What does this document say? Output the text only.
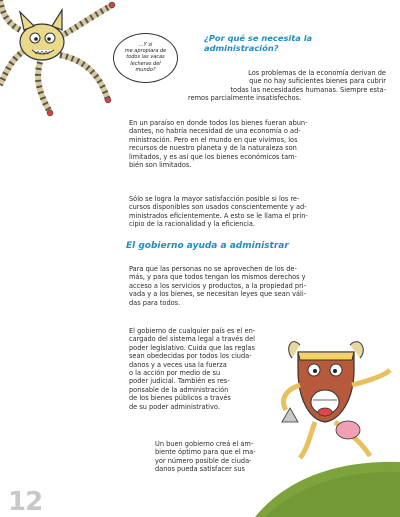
...Y si
me apropiara de
todos las vacas
lecheras del
mundo?
¿Por qué se necesita la
administración?

Los problemas de la economía derivan de
que no hay suficientes bienes para cubrir
todas las necesidades humanas. Siempre esta-
remos parcialmente insatisfechos.

En un paraíso en donde todos los bienes fueran abun-
dantes, no habría necesidad de una economía o ad-
ministración. Pero en el mundo en que vivimos, los
recursos de nuestro planeta y de la naturaleza son
limitados, y es así que los bienes económicos tam-
bién son limitados.

Sólo se logra la mayor satisfacción posible si los re-
cursos disponibles son usados conscientemente y ad-
ministrados eficientemente. A esto se le llama el prin-
cipio de la racionalidad y la eficiencia.

El gobierno ayuda a administrar

Para que las personas no se aprovechen de los de-
más, y para que todos tengan los mismos derechos y
acceso a los servicios y productos, a la propiedad pri-
vada y a los bienes, se necesitan leyes que sean váli-
das para todos.

El gobierno de cualquier país es el en-
cargado del sistema legal a través del
poder legislativo. Cuida que las reglas
sean obedecidas por todos los ciuda-
danos y a veces usa la fuerza
o la acción por medio de su
poder judicial. También es res-
ponsable de la administración
de los bienes públicos a través
de su poder administrativo.

Un buen gobierno creá el am-
biente óptimo para que el ma-
yor número posible de ciuda-
danos pueda satisfacer sus

12
